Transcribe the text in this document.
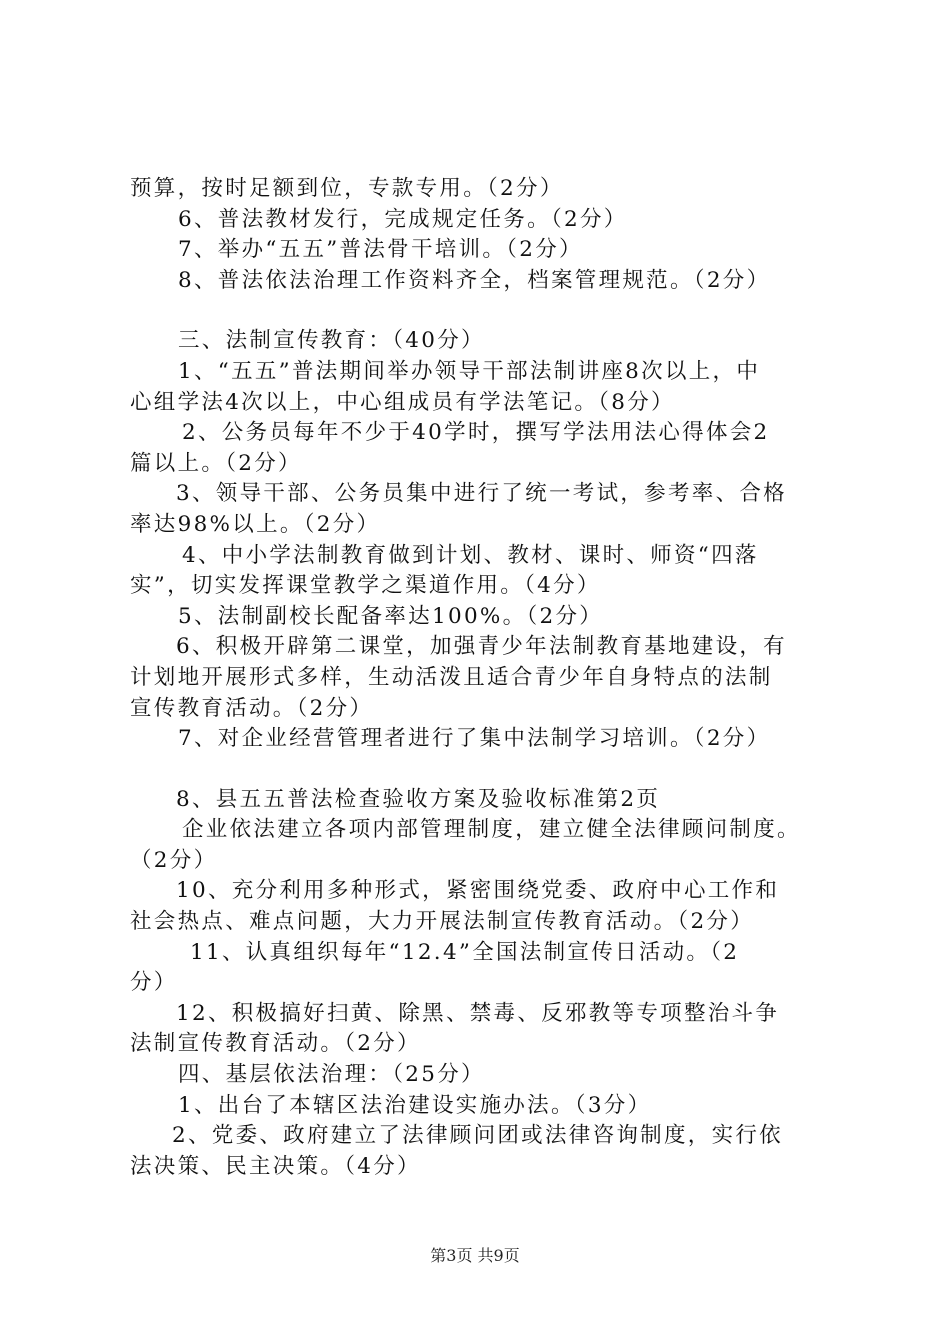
预算，按时足额到位，专款专用。（2分）
6、普法教材发行，完成规定任务。（2分）
7、举办“五五”普法骨干培训。（2分）
8、普法依法治理工作资料齐全，档案管理规范。（2分）
三、法制宣传教育：（40分）
1、“五五”普法期间举办领导干部法制讲座8次以上，中
心组学法4次以上，中心组成员有学法笔记。（8分）
2、公务员每年不少于40学时，撰写学法用法心得体会2
篇以上。（2分）
3、领导干部、公务员集中进行了统一考试，参考率、合格
率达98%以上。（2分）
4、中小学法制教育做到计划、教材、课时、师资“四落
实”，切实发挥课堂教学之渠道作用。（4分）
5、法制副校长配备率达100%。（2分）
6、积极开辟第二课堂，加强青少年法制教育基地建设，有
计划地开展形式多样，生动活泼且适合青少年自身特点的法制
宣传教育活动。（2分）
7、对企业经营管理者进行了集中法制学习培训。（2分）
8、县五五普法检查验收方案及验收标准第2页
企业依法建立各项内部管理制度，建立健全法律顾问制度。
（2分）
10、充分利用多种形式，紧密围绕党委、政府中心工作和
社会热点、难点问题，大力开展法制宣传教育活动。（2分）
11、认真组织每年“12.4”全国法制宣传日活动。（2
分）
12、积极搞好扫黄、除黑、禁毒、反邪教等专项整治斗争
法制宣传教育活动。（2分）
四、基层依法治理：（25分）
1、出台了本辖区法治建设实施办法。（3分）
2、党委、政府建立了法律顾问团或法律咨询制度，实行依
法决策、民主决策。（4分）
第3页 共9页
